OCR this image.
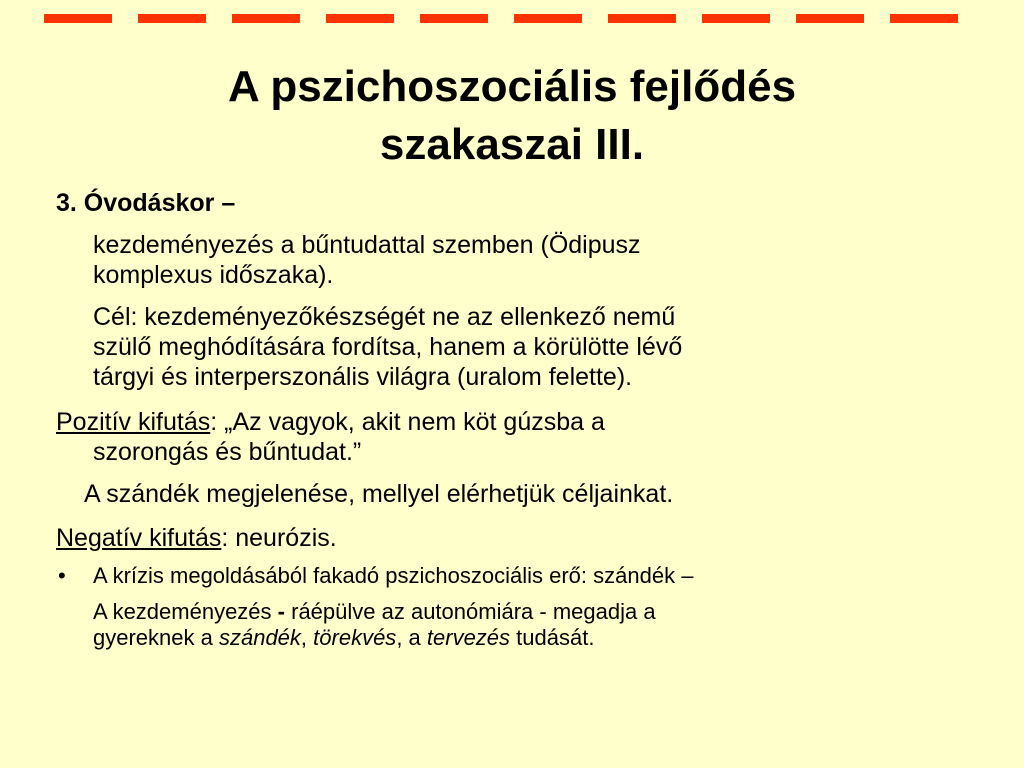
A pszichoszociális fejlődés
szakaszai III.
3. Óvodáskor –
kezdeményezés a bűntudattal szemben (Ödipusz
komplexus időszaka).
Cél: kezdeményezőkészségét ne az ellenkező nemű
szülő meghódítására fordítsa, hanem a körülötte lévő
tárgyi és interperszonális világra (uralom felette).
Pozitív kifutás: „Az vagyok, akit nem köt gúzsba a
szorongás és bűntudat.”
A szándék megjelenése, mellyel elérhetjük céljainkat.
Negatív kifutás: neurózis.
• A krízis megoldásából fakadó pszichoszociális erő: szándék –
A kezdeményezés - ráépülve az autonómiára - megadja a
gyereknek a szándék, törekvés, a tervezés tudását.
